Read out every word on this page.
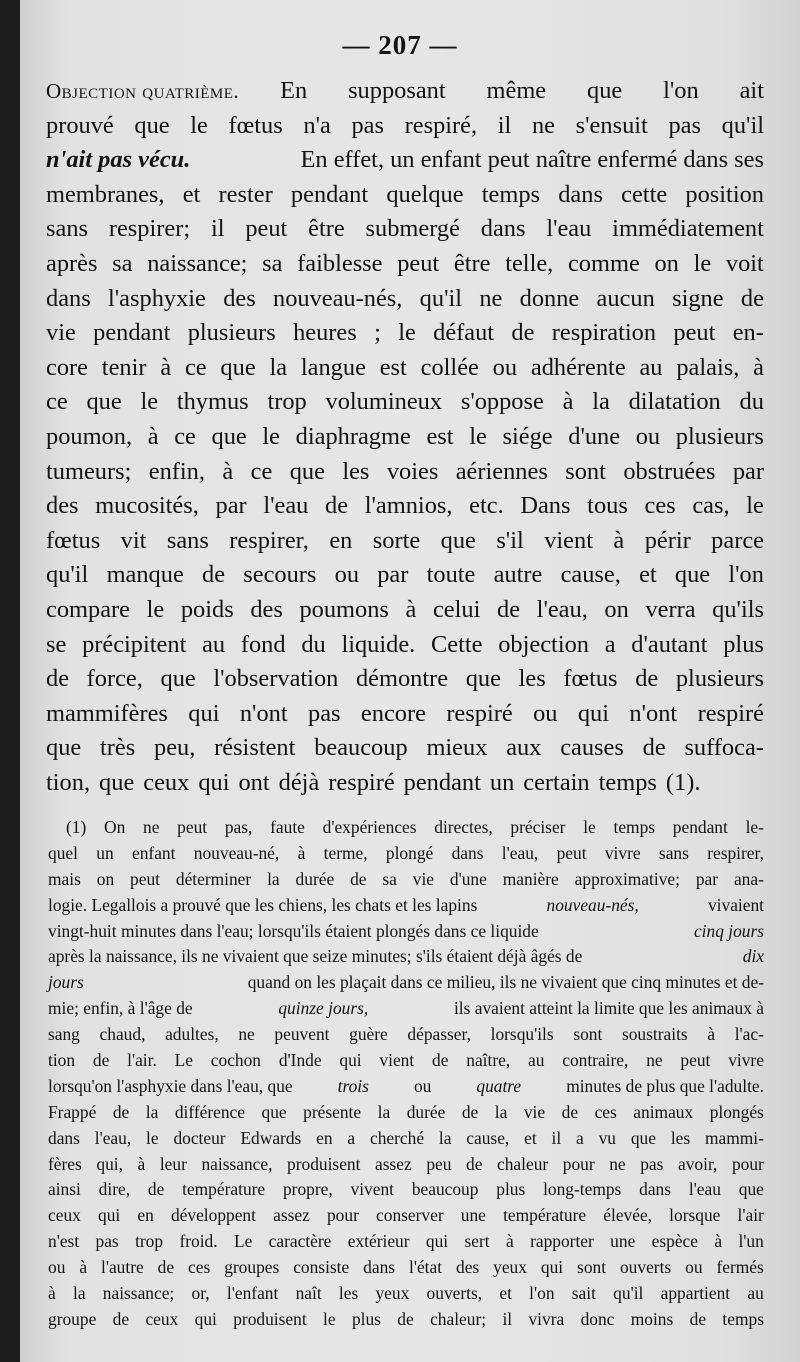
— 207 —
Objection quatrième. En supposant même que l'on ait
prouvé que le fœtus n'a pas respiré, il ne s'ensuit pas qu'il
n'ait pas vécu.	En effet, un enfant peut naître enfermé dans ses
membranes, et rester pendant quelque temps dans cette position
sans respirer; il peut être submergé dans l'eau immédiatement
après sa naissance; sa faiblesse peut être telle, comme on le voit
dans l'asphyxie des nouveau-nés, qu'il ne donne aucun signe de
vie pendant plusieurs heures ; le défaut de respiration peut en-
core tenir à ce que la langue est collée ou adhérente au palais, à
ce que le thymus trop volumineux s'oppose à la dilatation du
poumon, à ce que le diaphragme est le siége d'une ou plusieurs
tumeurs; enfin, à ce que les voies aériennes sont obstruées par
des mucosités, par l'eau de l'amnios, etc. Dans tous ces cas, le
fœtus vit sans respirer, en sorte que s'il vient à périr parce
qu'il manque de secours ou par toute autre cause, et que l'on
compare le poids des poumons à celui de l'eau, on verra qu'ils
se précipitent au fond du liquide. Cette objection a d'autant plus
de force, que l'observation démontre que les fœtus de plusieurs
mammifères qui n'ont pas encore respiré ou qui n'ont respiré
que très peu, résistent beaucoup mieux aux causes de suffoca-
tion, que ceux qui ont déjà respiré pendant un certain temps (1).
(1) On ne peut pas, faute d'expériences directes, préciser le temps pendant le-
quel un enfant nouveau-né, à terme, plongé dans l'eau, peut vivre sans respirer,
mais on peut déterminer la durée de sa vie d'une manière approximative; par ana-
logie. Legallois a prouvé que les chiens, les chats et les lapins	nouveau-nés,	vivaient
vingt-huit minutes dans l'eau; lorsqu'ils étaient plongés dans ce liquide	cinq jours
après la naissance, ils ne vivaient que seize minutes; s'ils étaient déjà âgés de	dix
jours	quand on les plaçait dans ce milieu, ils ne vivaient que cinq minutes et de-
mie; enfin, à l'âge de	quinze jours,	ils avaient atteint la limite que les animaux à
sang chaud, adultes, ne peuvent guère dépasser, lorsqu'ils sont soustraits à l'ac-
tion de l'air. Le cochon d'Inde qui vient de naître, au contraire, ne peut vivre
lorsqu'on l'asphyxie dans l'eau, que	trois	ou	quatre	minutes de plus que l'adulte.
Frappé de la différence que présente la durée de la vie de ces animaux plongés
dans l'eau, le docteur Edwards en a cherché la cause, et il a vu que les mammi-
fères qui, à leur naissance, produisent assez peu de chaleur pour ne pas avoir, pour
ainsi dire, de température propre, vivent beaucoup plus long-temps dans l'eau que
ceux qui en développent assez pour conserver une température élevée, lorsque l'air
n'est pas trop froid. Le caractère extérieur qui sert à rapporter une espèce à l'un
ou à l'autre de ces groupes consiste dans l'état des yeux qui sont ouverts ou fermés
à la naissance; or, l'enfant naît les yeux ouverts, et l'on sait qu'il appartient au
groupe de ceux qui produisent le plus de chaleur; il vivra donc moins de temps
